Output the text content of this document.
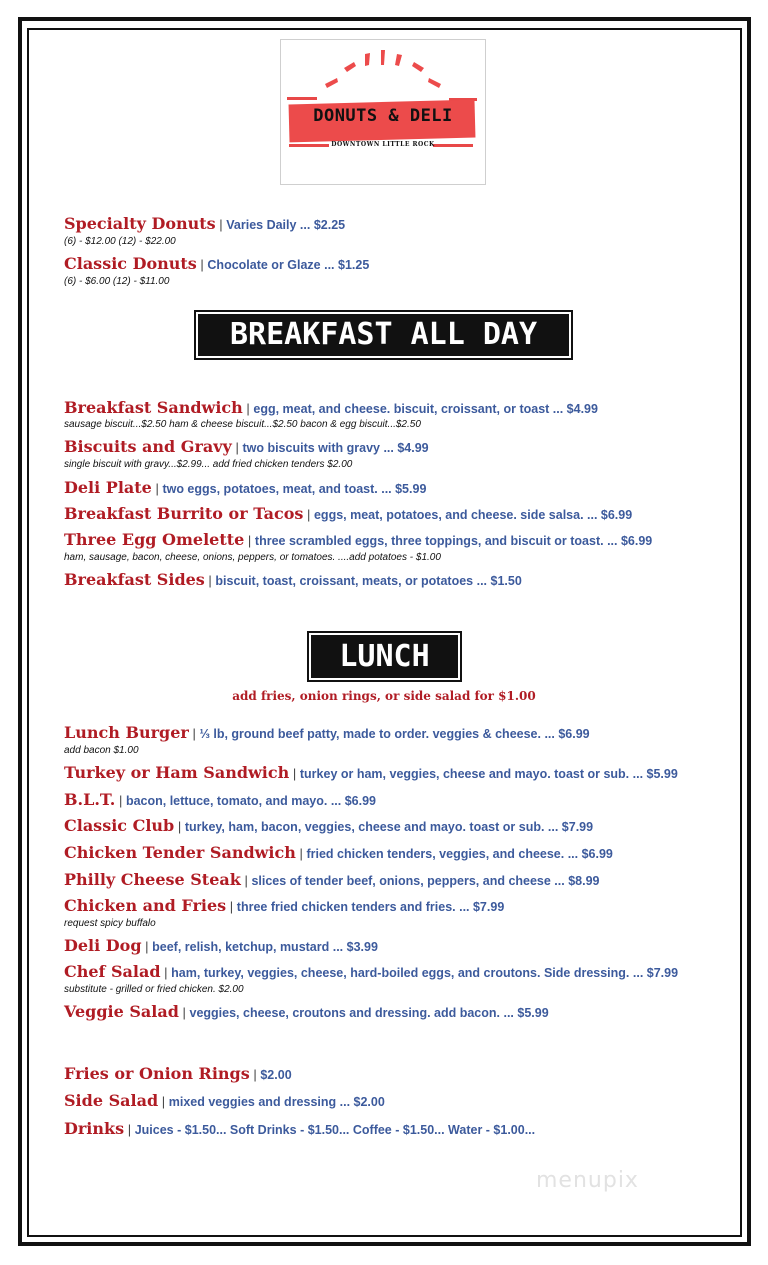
DONUTS & DELI
DOWNTOWN LITTLE ROCK
Specialty Donuts | Varies Daily ... $2.25
(6) - $12.00 (12) - $22.00
Classic Donuts | Chocolate or Glaze ... $1.25
(6) - $6.00 (12) - $11.00
BREAKFAST ALL DAY
Breakfast Sandwich | egg, meat, and cheese. biscuit, croissant, or toast ... $4.99
sausage biscuit...$2.50 ham & cheese biscuit...$2.50 bacon & egg biscuit...$2.50
Biscuits and Gravy | two biscuits with gravy ... $4.99
single biscuit with gravy...$2.99... add fried chicken tenders $2.00
Deli Plate | two eggs, potatoes, meat, and toast. ... $5.99
Breakfast Burrito or Tacos | eggs, meat, potatoes, and cheese. side salsa. ... $6.99
Three Egg Omelette | three scrambled eggs, three toppings, and biscuit or toast. ... $6.99
ham, sausage, bacon, cheese, onions, peppers, or tomatoes. ....add potatoes - $1.00
Breakfast Sides | biscuit, toast, croissant, meats, or potatoes ... $1.50
LUNCH
add fries, onion rings, or side salad for $1.00
Lunch Burger | ⅓ lb, ground beef patty, made to order. veggies & cheese. ... $6.99
add bacon $1.00
Turkey or Ham Sandwich | turkey or ham, veggies, cheese and mayo. toast or sub. ... $5.99
B.L.T. | bacon, lettuce, tomato, and mayo. ... $6.99
Classic Club | turkey, ham, bacon, veggies, cheese and mayo. toast or sub. ... $7.99
Chicken Tender Sandwich | fried chicken tenders, veggies, and cheese. ... $6.99
Philly Cheese Steak | slices of tender beef, onions, peppers, and cheese ... $8.99
Chicken and Fries | three fried chicken tenders and fries. ... $7.99
request spicy buffalo
Deli Dog | beef, relish, ketchup, mustard ... $3.99
Chef Salad | ham, turkey, veggies, cheese, hard-boiled eggs, and croutons. Side dressing. ... $7.99
substitute - grilled or fried chicken. $2.00
Veggie Salad | veggies, cheese, croutons and dressing. add bacon. ... $5.99
Fries or Onion Rings | $2.00
Side Salad | mixed veggies and dressing ... $2.00
Drinks | Juices - $1.50... Soft Drinks - $1.50... Coffee - $1.50... Water - $1.00...
menupix
